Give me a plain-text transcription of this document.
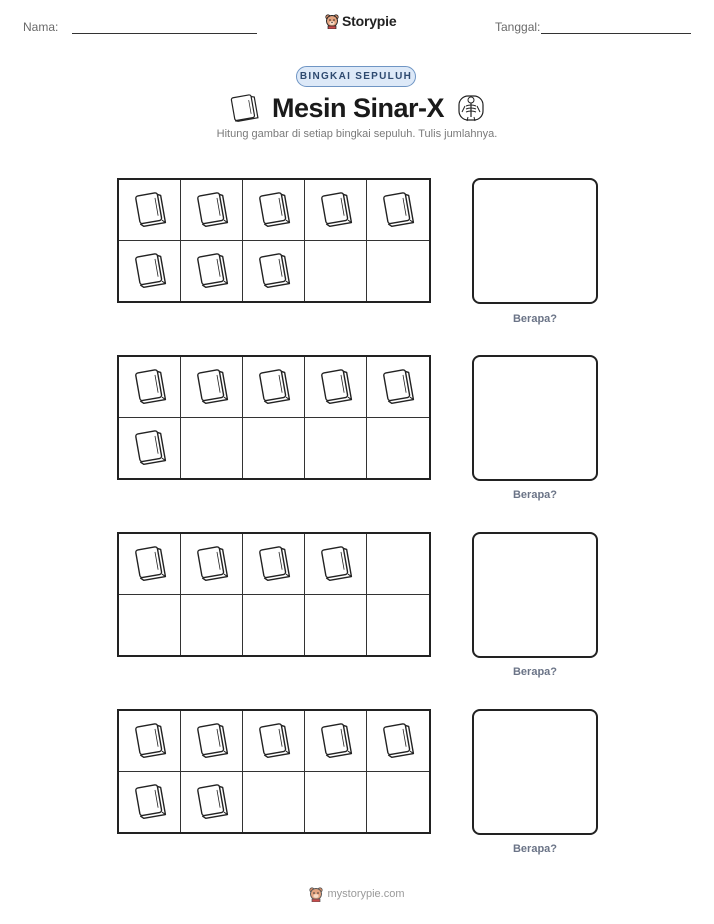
Nama:	Storypie	Tanggal:
BINGKAI SEPULUH
Mesin Sinar-X
Hitung gambar di setiap bingkai sepuluh. Tulis jumlahnya.
Berapa?
Berapa?
Berapa?
Berapa?
mystorypie.com
